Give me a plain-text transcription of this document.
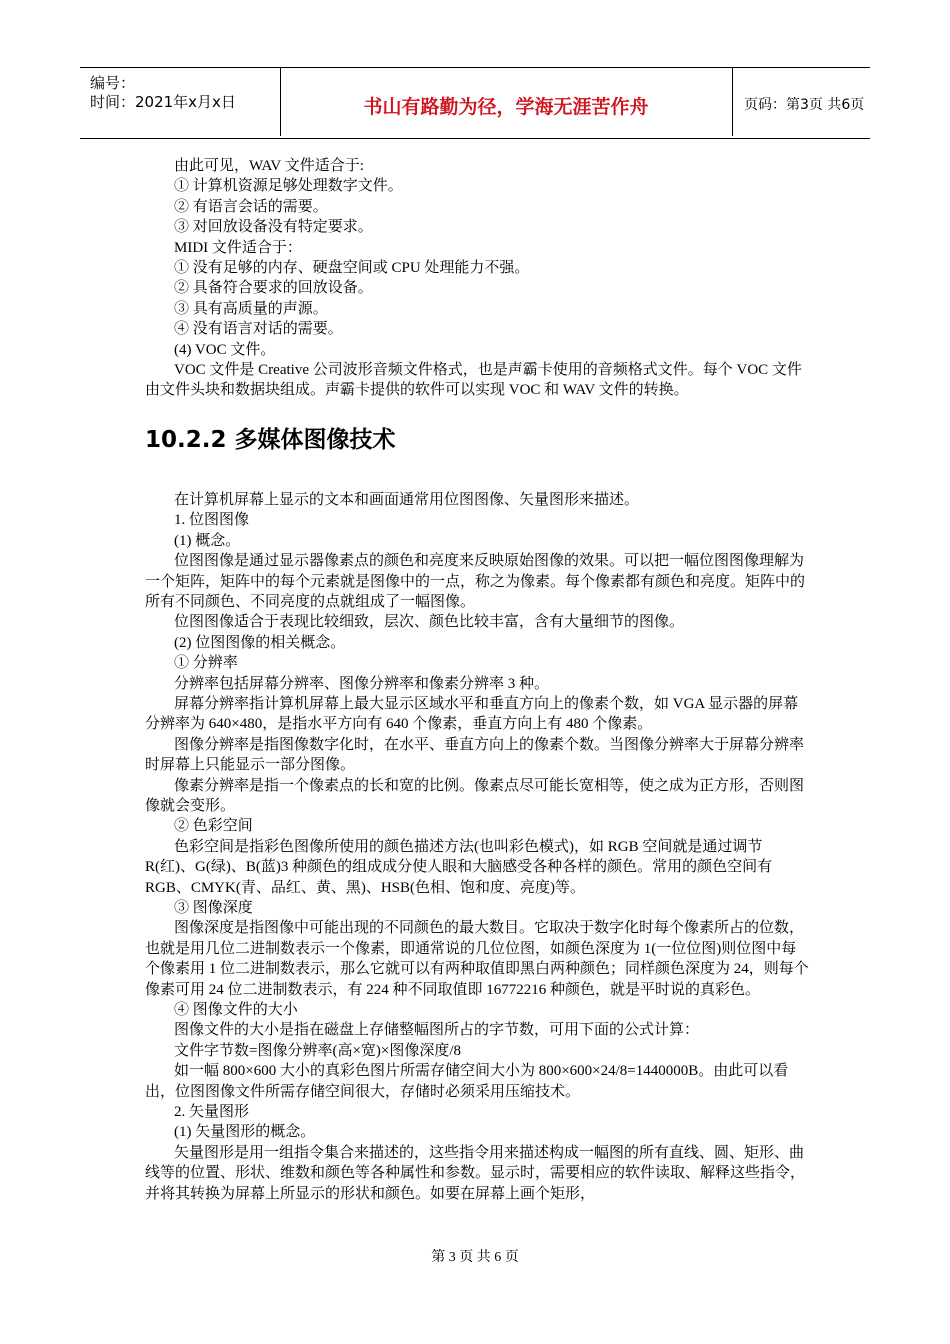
编号：
时间：2021年x月x日	书山有路勤为径，学海无涯苦作舟	页码：第3页 共6页

由此可见，WAV 文件适合于:

① 计算机资源足够处理数字文件。

② 有语言会话的需要。

③ 对回放设备没有特定要求。

MIDI 文件适合于：

① 没有足够的内存、硬盘空间或 CPU 处理能力不强。

② 具备符合要求的回放设备。

③ 具有高质量的声源。

④ 没有语言对话的需要。

(4) VOC 文件。

VOC 文件是 Creative 公司波形音频文件格式，也是声霸卡使用的音频格式文件。每个 VOC 文件由文件头块和数据块组成。声霸卡提供的软件可以实现 VOC 和 WAV 文件的转换。

10.2.2 多媒体图像技术

在计算机屏幕上显示的文本和画面通常用位图图像、矢量图形来描述。

1. 位图图像

(1) 概念。

位图图像是通过显示器像素点的颜色和亮度来反映原始图像的效果。可以把一幅位图图像理解为一个矩阵，矩阵中的每个元素就是图像中的一点，称之为像素。每个像素都有颜色和亮度。矩阵中的所有不同颜色、不同亮度的点就组成了一幅图像。

位图图像适合于表现比较细致，层次、颜色比较丰富，含有大量细节的图像。

(2) 位图图像的相关概念。

① 分辨率

分辨率包括屏幕分辨率、图像分辨率和像素分辨率 3 种。

屏幕分辨率指计算机屏幕上最大显示区域水平和垂直方向上的像素个数，如 VGA 显示器的屏幕分辨率为 640×480，是指水平方向有 640 个像素，垂直方向上有 480 个像素。

图像分辨率是指图像数字化时，在水平、垂直方向上的像素个数。当图像分辨率大于屏幕分辨率时屏幕上只能显示一部分图像。

像素分辨率是指一个像素点的长和宽的比例。像素点尽可能长宽相等，使之成为正方形，否则图像就会变形。

② 色彩空间

色彩空间是指彩色图像所使用的颜色描述方法(也叫彩色模式)，如 RGB 空间就是通过调节 R(红)、G(绿)、B(蓝)3 种颜色的组成成分使人眼和大脑感受各种各样的颜色。常用的颜色空间有 RGB、CMYK(青、品红、黄、黑)、HSB(色相、饱和度、亮度)等。

③ 图像深度

图像深度是指图像中可能出现的不同颜色的最大数目。它取决于数字化时每个像素所占的位数，也就是用几位二进制数表示一个像素，即通常说的几位位图，如颜色深度为 1(一位位图)则位图中每个像素用 1 位二进制数表示，那么它就可以有两种取值即黑白两种颜色；同样颜色深度为 24，则每个像素可用 24 位二进制数表示，有 224 种不同取值即 16772216 种颜色，就是平时说的真彩色。

④ 图像文件的大小

图像文件的大小是指在磁盘上存储整幅图所占的字节数，可用下面的公式计算：

文件字节数=图像分辨率(高×宽)×图像深度/8

如一幅 800×600 大小的真彩色图片所需存储空间大小为 800×600×24/8=1440000B。由此可以看出，位图图像文件所需存储空间很大，存储时必须采用压缩技术。

2. 矢量图形

(1) 矢量图形的概念。

矢量图形是用一组指令集合来描述的，这些指令用来描述构成一幅图的所有直线、圆、矩形、曲线等的位置、形状、维数和颜色等各种属性和参数。显示时，需要相应的软件读取、解释这些指令，并将其转换为屏幕上所显示的形状和颜色。如要在屏幕上画个矩形，

第 3 页 共 6 页
